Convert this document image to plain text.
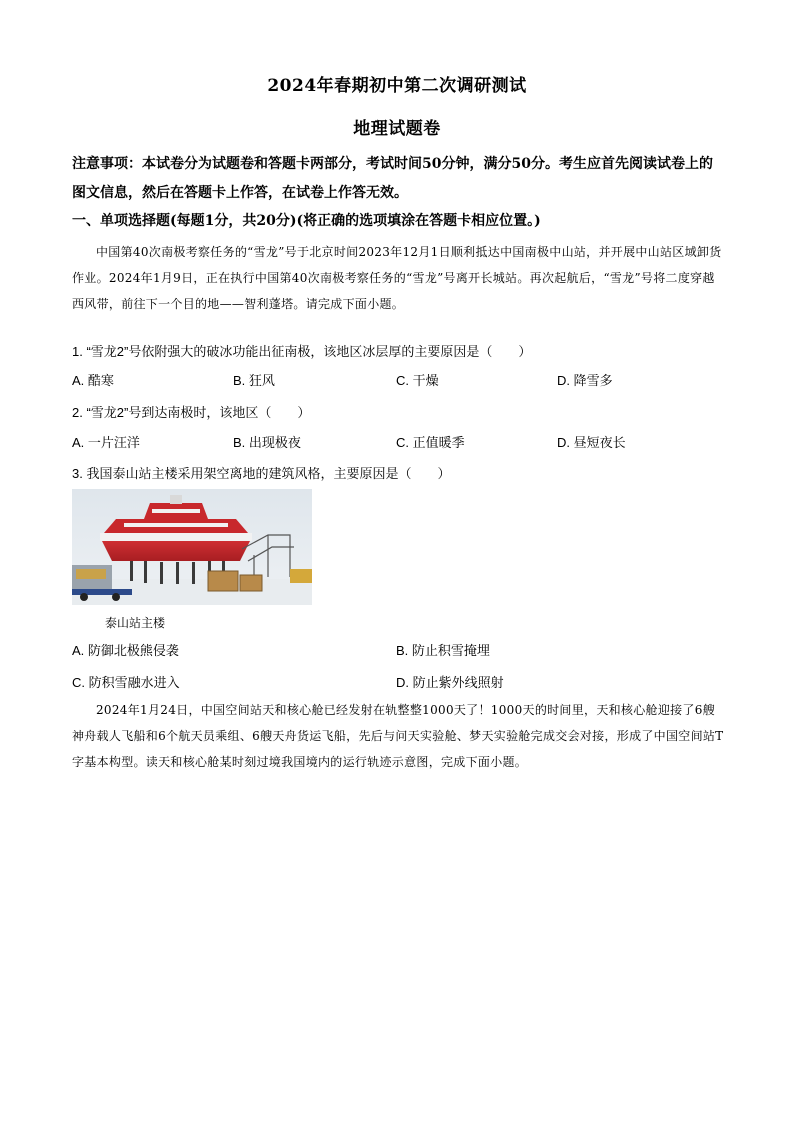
2024年春期初中第二次调研测试
地理试题卷
注意事项：本试卷分为试题卷和答题卡两部分，考试时间50分钟，满分50分。考生应首先阅读试卷上的图文信息，然后在答题卡上作答，在试卷上作答无效。
一、单项选择题(每题1分，共20分)(将正确的选项填涂在答题卡相应位置。)
中国第40次南极考察任务的“雪龙”号于北京时间2023年12月1日顺利抵达中国南极中山站，并开展中山站区域卸货作业。2024年1月9日，正在执行中国第40次南极考察任务的“雪龙”号离开长城站。再次起航后，“雪龙”号将二度穿越西风带，前往下一个目的地——智利蓬塔。请完成下面小题。
1. “雪龙2”号依附强大的破冰功能出征南极，该地区冰层厚的主要原因是（　　）
A. 酷寒	B. 狂风	C. 干燥	D. 降雪多
2. “雪龙2”号到达南极时，该地区（　　）
A. 一片汪洋	B. 出现极夜	C. 正值暖季	D. 昼短夜长
3. 我国泰山站主楼采用架空离地的建筑风格，主要原因是（　　）
泰山站主楼
A. 防御北极熊侵袭	B. 防止积雪掩埋
C. 防积雪融水进入	D. 防止紫外线照射
2024年1月24日，中国空间站天和核心舱已经发射在轨整整1000天了！1000天的时间里，天和核心舱迎接了6艘神舟载人飞船和6个航天员乘组、6艘天舟货运飞船，先后与问天实验舱、梦天实验舱完成交会对接，形成了中国空间站T字基本构型。读天和核心舱某时刻过境我国境内的运行轨迹示意图，完成下面小题。
